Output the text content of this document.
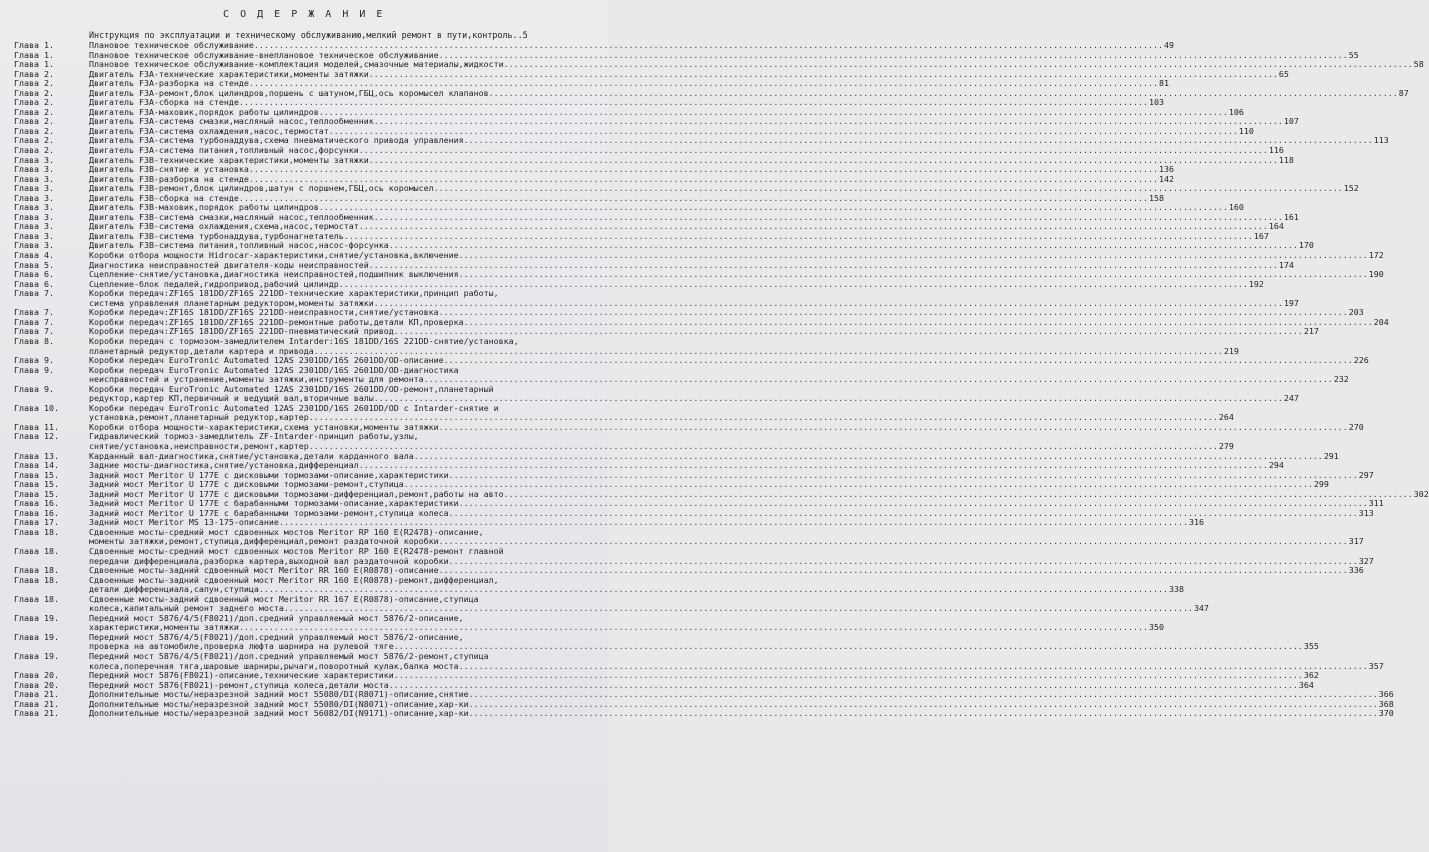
С О Д Е Р Ж А Н И Е
Инструкция по эксплуатации и техническому обслуживанию,мелкий ремонт в пути,контроль..5
Глава 1.	Плановое техническое обслуживание .....	49
Глава 1.	Плановое техническое обслуживание-внеплановое техническое обслуживание .....	55
Глава 1.	Плановое техническое обслуживание-комплектация моделей,смазочные материалы,жидкости .....	58
Глава 2.	Двигатель F3A-технические характеристики,моменты затяжки .....	65
Глава 2.	Двигатель F3A-разборка на стенде .....	81
Глава 2.	Двигатель F3A-ремонт,блок цилиндров,поршень с шатуном,ГБЦ,ось коромысел клапанов .....	87
Глава 2.	Двигатель F3A-сборка на стенде .....	103
Глава 2.	Двигатель F3A-маховик,порядок работы цилиндров .....	106
Глава 2.	Двигатель F3A-система смазки,масляный насос,теплообменник .....	107
Глава 2.	Двигатель F3A-система охлаждения,насос,термостат .....	110
Глава 2.	Двигатель F3A-система турбонаддува,схема пневматического привода управления .....	113
Глава 2.	Двигатель F3A-система питания,топливный насос,форсунки .....	116
Глава 3.	Двигатель F3B-технические характеристики,моменты затяжки .....	118
Глава 3.	Двигатель F3B-снятие и установка .....	136
Глава 3.	Двигатель F3B-разборка на стенде .....	142
Глава 3.	Двигатель F3B-ремонт,блок цилиндров,шатун с поршнем,ГБЦ,ось коромысел .....	152
Глава 3.	Двигатель F3B-сборка на стенде .....	158
Глава 3.	Двигатель F3B-маховик,порядок работы цилиндров .....	160
Глава 3.	Двигатель F3B-система смазки,масляный насос,теплообменник .....	161
Глава 3.	Двигатель F3B-система охлаждения,схема,насос,термостат .....	164
Глава 3.	Двигатель F3B-система турбонаддува,турбонагнетатель .....	167
Глава 3.	Двигатель F3B-система питания,топливный насос,насос-форсунка .....	170
Глава 4.	Коробки отбора мощности Hidrocar-характеристики,снятие/установка,включение .....	172
Глава 5.	Диагностика неисправностей двигателя-коды неисправностей .....	174
Глава 6.	Сцепление-снятие/установка,диагностика неисправностей,подшипник выключения .....	190
Глава 6.	Сцепление-блок педалей,гидропривод,рабочий цилиндр .....	192
Глава 7.	Коробки передач:ZF16S 181DD/ZF16S 221DD-технические характеристики,принцип работы,
система управления планетарным редуктором,моменты затяжки .....	197
Глава 7.	Коробки передач:ZF16S 181DD/ZF16S 221DD-неисправности,снятие/установка .....	203
Глава 7.	Коробки передач:ZF16S 181DD/ZF16S 221DD-ремонтные работы,детали КП,проверка .....	204
Глава 7.	Коробки передач:ZF16S 181DD/ZF16S 221DD-пневматический привод .....	217
Глава 8.	Коробки передач с тормозом-замедлителем Intarder:16S 181DD/16S 221DD-снятие/установка,
планетарный редуктор,детали картера и привода .....	219
Глава 9.	Коробки передач EuroTronic Automated 12AS 2301DD/16S 2601DD/OD-описание .....	226
Глава 9.	Коробки передач EuroTronic Automated 12AS 2301DD/16S 2601DD/OD-диагностика
неисправностей и устранение,моменты затяжки,инструменты для ремонта .....	232
Глава 9.	Коробки передач EuroTronic Automated 12AS 2301DD/16S 2601DD/OD-ремонт,планетарный
редуктор,картер КП,первичный и ведущий вал,вторичные валы .....	247
Глава 10.	Коробки передач EuroTronic Automated 12AS 2301DD/16S 2601DD/OD с Intarder-снятие и
установка,ремонт,планетарный редуктор,картер .....	264
Глава 11.	Коробки отбора мощности-характеристики,схема установки,моменты затяжки .....	270
Глава 12.	Гидравлический тормоз-замедлитель ZF-Intarder-принцип работы,узлы,
снятие/установка,неисправности,ремонт,картер .....	279
Глава 13.	Карданный вал-диагностика,снятие/установка,детали карданного вала .....	291
Глава 14.	Задние мосты-диагностика,снятие/установка,дифференциал .....	294
Глава 15.	Задний мост Meritor U 177E с дисковыми тормозами-описание,характеристики .....	297
Глава 15.	Задний мост Meritor U 177E с дисковыми тормозами-ремонт,ступица .....	299
Глава 15.	Задний мост Meritor U 177E с дисковыми тормозами-дифференциал,ремонт,работы на авто .....	302
Глава 16.	Задний мост Meritor U 177E с барабанными тормозами-описание,характеристики .....	311
Глава 16.	Задний мост Meritor U 177E с барабанными тормозами-ремонт,ступица колеса .....	313
Глава 17.	Задний мост Meritor MS 13-175-описание .....	316
Глава 18.	Сдвоенные мосты-средний мост сдвоенных мостов Meritor RP 160 E(R2478)-описание,
моменты затяжки,ремонт,ступица,дифференциал,ремонт раздаточной коробки .....	317
Глава 18.	Сдвоенные мосты-средний мост сдвоенных мостов Meritor RP 160 E(R2478-ремонт главной
передачи дифференциала,разборка картера,выходной вал раздаточной коробки .....	327
Глава 18.	Сдвоенные мосты-задний сдвоенный мост Meritor RR 160 E(R0878)-описание .....	336
Глава 18.	Сдвоенные мосты-задний сдвоенный мост Meritor RR 160 E(R0878)-ремонт,дифференциал,
детали дифференциала,сапун,ступица .....	338
Глава 18.	Сдвоенные мосты-задний сдвоенный мост Meritor RR 167 E(R0878)-описание,ступица
колеса,капитальный ремонт заднего моста .....	347
Глава 19.	Передний мост 5876/4/5(F8021)/доп.средний управляемый мост 5876/2-описание,
характеристики,моменты затяжки .....	350
Глава 19.	Передний мост 5876/4/5(F8021)/доп.средний управляемый мост 5876/2-описание,
проверка на автомобиле,проверка люфта шарнира на рулевой тяге .....	355
Глава 19.	Передний мост 5876/4/5(F8021)/доп.средний управляемый мост 5876/2-ремонт,ступица
колеса,поперечная тяга,шаровые шарниры,рычаги,поворотный кулак,балка моста .....	357
Глава 20.	Передний мост 5876(F8021)-описание,технические характеристики .....	362
Глава 20.	Передний мост 5876(F8021)-ремонт,ступица колеса,детали моста .....	364
Глава 21.	Дополнительные мосты/неразрезной задний мост 55080/DI(R8071)-описание,снятие .....	366
Глава 21.	Дополнительные мосты/неразрезной задний мост 55080/DI(N8071)-описание,хар-ки .....	368
Глава 21.	Дополнительные мосты/неразрезной задний мост 56082/DI(N9171)-описание,хар-ки .....	370
